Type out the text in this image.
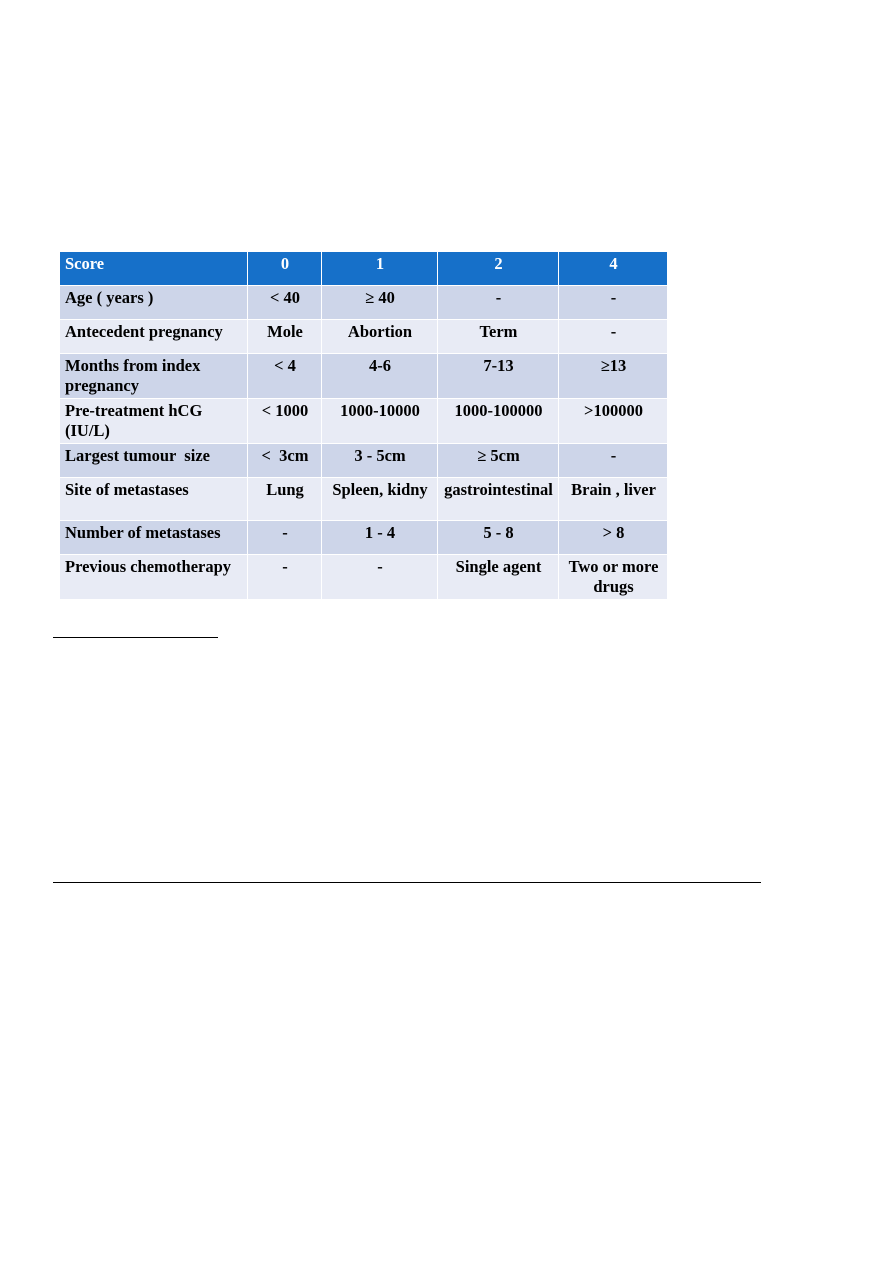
Score	0	1	2	4
Age ( years )	< 40	≥ 40	-	-
Antecedent pregnancy	Mole	Abortion	Term	-
Months from index pregnancy	< 4	4-6	7-13	≥13
Pre-treatment hCG (IU/L)	< 1000	1000-10000	1000-100000	>100000
Largest tumour  size	<  3cm	3 - 5cm	≥ 5cm	-
Site of metastases	Lung	Spleen, kidny	gastrointestinal	Brain , liver
Number of metastases	-	1 - 4	5 - 8	> 8
Previous chemotherapy	-	-	Single agent	Two or more drugs
